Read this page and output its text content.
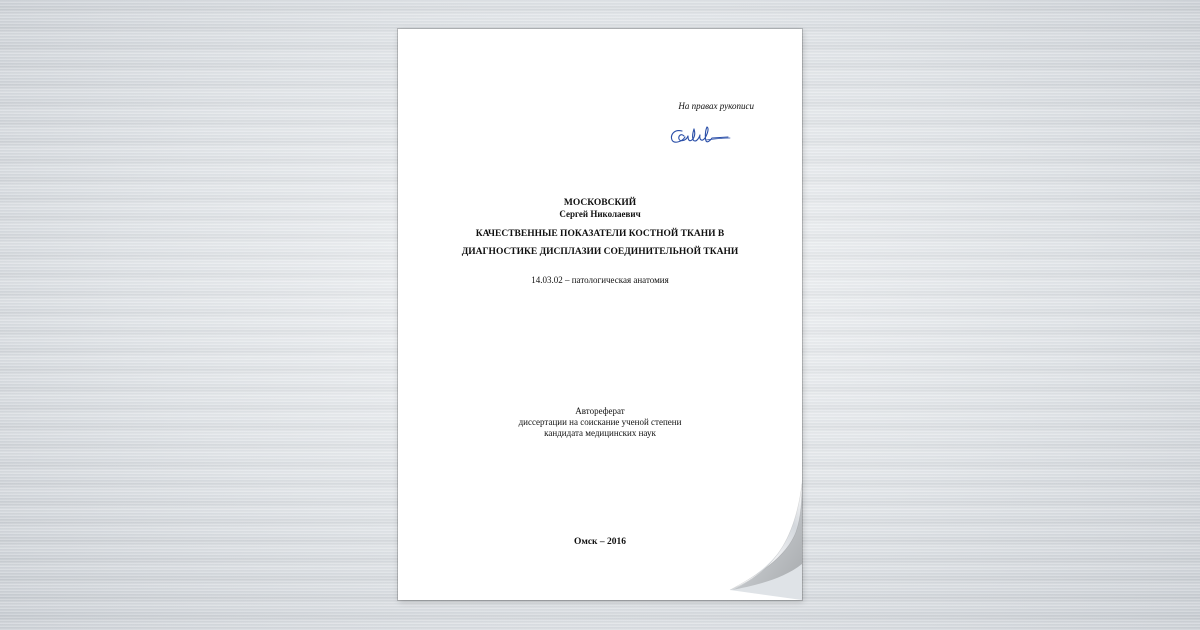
На правах рукописи
МОСКОВСКИЙ
Сергей Николаевич
КАЧЕСТВЕННЫЕ ПОКАЗАТЕЛИ КОСТНОЙ ТКАНИ В
ДИАГНОСТИКЕ ДИСПЛАЗИИ СОЕДИНИТЕЛЬНОЙ ТКАНИ
14.03.02 – патологическая анатомия
Автореферат
диссертации на соискание ученой степени
кандидата медицинских наук
Омск – 2016
